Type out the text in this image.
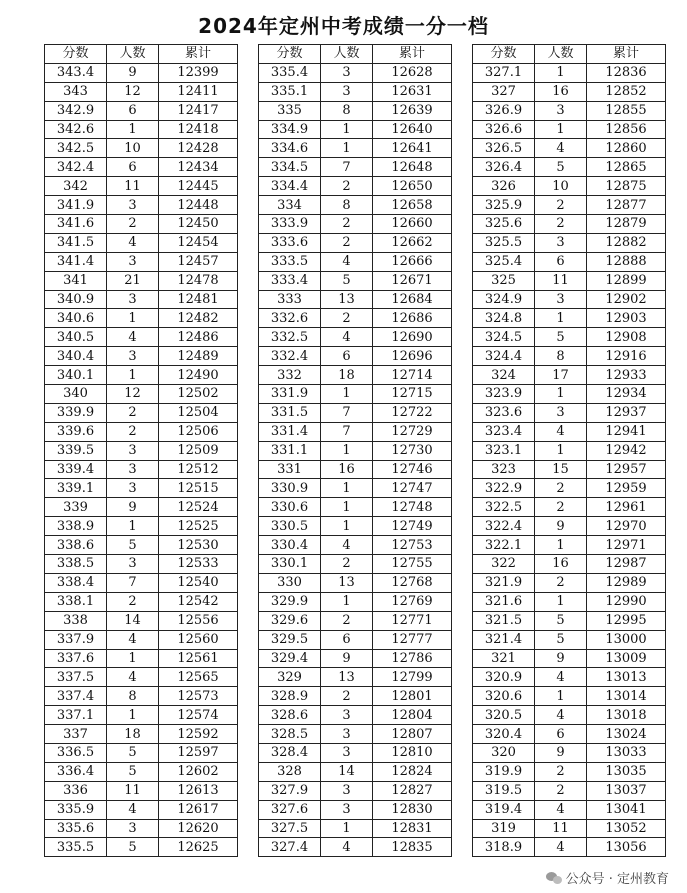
2024年定州中考成绩一分一档
分数	人数	累计
343.4	9	12399
343	12	12411
342.9	6	12417
342.6	1	12418
342.5	10	12428
342.4	6	12434
342	11	12445
341.9	3	12448
341.6	2	12450
341.5	4	12454
341.4	3	12457
341	21	12478
340.9	3	12481
340.6	1	12482
340.5	4	12486
340.4	3	12489
340.1	1	12490
340	12	12502
339.9	2	12504
339.6	2	12506
339.5	3	12509
339.4	3	12512
339.1	3	12515
339	9	12524
338.9	1	12525
338.6	5	12530
338.5	3	12533
338.4	7	12540
338.1	2	12542
338	14	12556
337.9	4	12560
337.6	1	12561
337.5	4	12565
337.4	8	12573
337.1	1	12574
337	18	12592
336.5	5	12597
336.4	5	12602
336	11	12613
335.9	4	12617
335.6	3	12620
335.5	5	12625
分数	人数	累计
335.4	3	12628
335.1	3	12631
335	8	12639
334.9	1	12640
334.6	1	12641
334.5	7	12648
334.4	2	12650
334	8	12658
333.9	2	12660
333.6	2	12662
333.5	4	12666
333.4	5	12671
333	13	12684
332.6	2	12686
332.5	4	12690
332.4	6	12696
332	18	12714
331.9	1	12715
331.5	7	12722
331.4	7	12729
331.1	1	12730
331	16	12746
330.9	1	12747
330.6	1	12748
330.5	1	12749
330.4	4	12753
330.1	2	12755
330	13	12768
329.9	1	12769
329.6	2	12771
329.5	6	12777
329.4	9	12786
329	13	12799
328.9	2	12801
328.6	3	12804
328.5	3	12807
328.4	3	12810
328	14	12824
327.9	3	12827
327.6	3	12830
327.5	1	12831
327.4	4	12835
分数	人数	累计
327.1	1	12836
327	16	12852
326.9	3	12855
326.6	1	12856
326.5	4	12860
326.4	5	12865
326	10	12875
325.9	2	12877
325.6	2	12879
325.5	3	12882
325.4	6	12888
325	11	12899
324.9	3	12902
324.8	1	12903
324.5	5	12908
324.4	8	12916
324	17	12933
323.9	1	12934
323.6	3	12937
323.4	4	12941
323.1	1	12942
323	15	12957
322.9	2	12959
322.5	2	12961
322.4	9	12970
322.1	1	12971
322	16	12987
321.9	2	12989
321.6	1	12990
321.5	5	12995
321.4	5	13000
321	9	13009
320.9	4	13013
320.6	1	13014
320.5	4	13018
320.4	6	13024
320	9	13033
319.9	2	13035
319.5	2	13037
319.4	4	13041
319	11	13052
318.9	4	13056
公众号 · 定州教育
